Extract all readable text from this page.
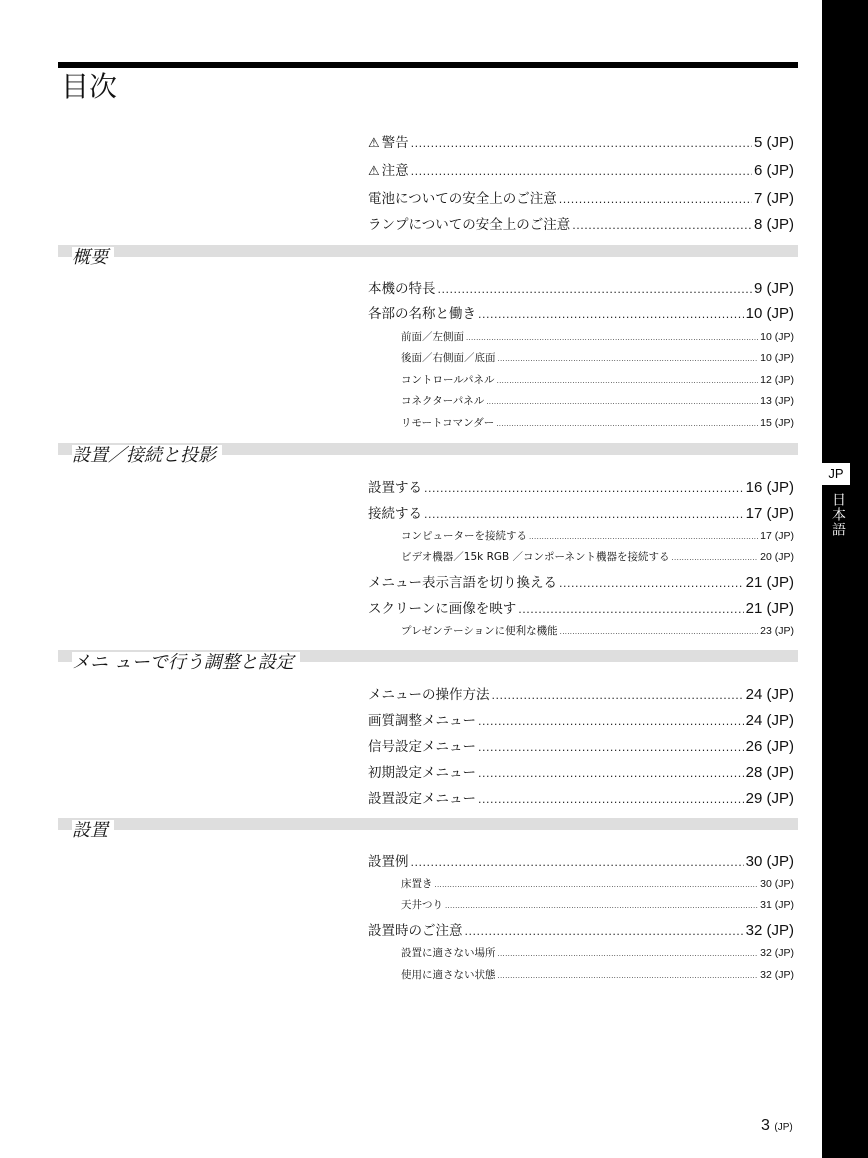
JP
日本語
目次
⚠ 警告 .....	5 (JP)
⚠ 注意 .....	6 (JP)
電池についての安全上のご注意 .....	7 (JP)
ランプについての安全上のご注意 .....	8 (JP)
概要
本機の特長 .....	9 (JP)
各部の名称と働き .....	10 (JP)
前面／左側面 .....	10 (JP)
後面／右側面／底面 .....	10 (JP)
コントロールパネル .....	12 (JP)
コネクターパネル .....	13 (JP)
リモートコマンダー .....	15 (JP)
設置／接続と投影
設置する .....	16 (JP)
接続する .....	17 (JP)
コンピューターを接続する .....	17 (JP)
ビデオ機器／15k RGB ／コンポーネント機器を接続する .....	20 (JP)
メニュー表示言語を切り換える .....	21 (JP)
スクリーンに画像を映す .....	21 (JP)
プレゼンテーションに便利な機能 .....	23 (JP)
メニ ューで行う調整と設定
メニューの操作方法 .....	24 (JP)
画質調整メニュー .....	24 (JP)
信号設定メニュー .....	26 (JP)
初期設定メニュー .....	28 (JP)
設置設定メニュー .....	29 (JP)
設置
設置例 .....	30 (JP)
床置き .....	30 (JP)
天井つり .....	31 (JP)
設置時のご注意 .....	32 (JP)
設置に適さない場所 .....	32 (JP)
使用に適さない状態 .....	32 (JP)
3 (JP)
